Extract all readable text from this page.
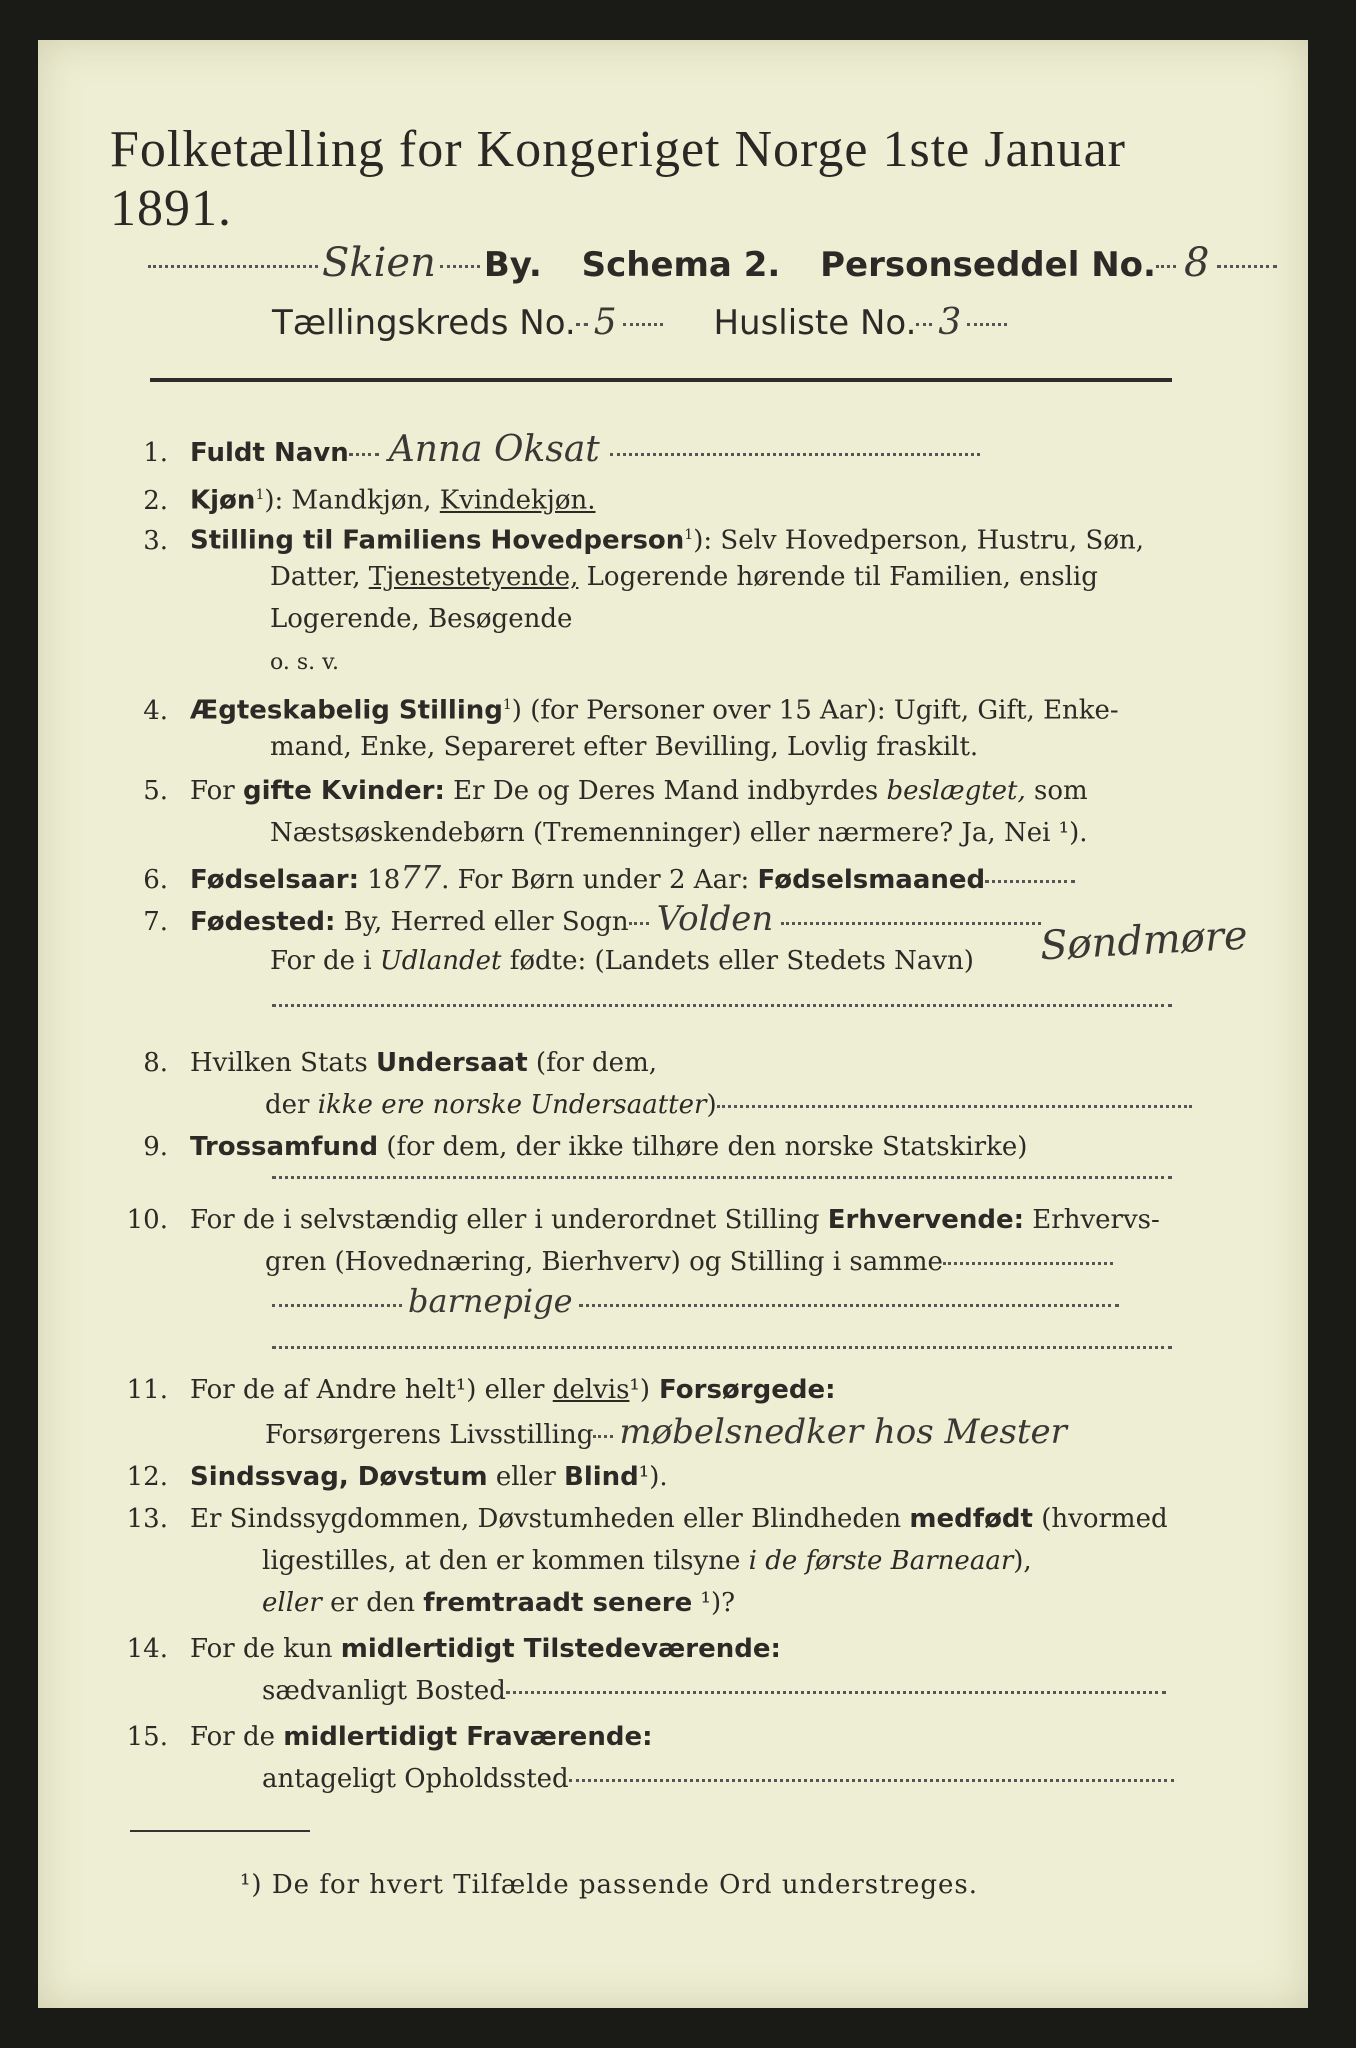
Folketælling for Kongeriget Norge 1ste Januar 1891.
Skien By. Schema 2. Personseddel No. 8
Tællingskreds No. 5	Husliste No. 3
1. Fuldt Navn Anna Oksat
2. Kjøn$^1$): Mandkjøn, Kvindekjøn.
3. Stilling til Familiens Hovedperson$^1$): Selv Hovedperson, Hustru, Søn,
Datter, Tjenestetyende, Logerende hørende til Familien, enslig
Logerende, Besøgende
o. s. v.
4. Ægteskabelig Stilling$^1$) (for Personer over 15 Aar): Ugift, Gift, Enke-
mand, Enke, Separeret efter Bevilling, Lovlig fraskilt.
5. For gifte Kvinder: Er De og Deres Mand indbyrdes beslægtet, som
Næstsøskendebørn (Tremenninger) eller nærmere? Ja, Nei ¹).
6. Fødselsaar: 1877. For Børn under 2 Aar: Fødselsmaaned
7. Fødested: By, Herred eller Sogn Volden
For de i Udlandet fødte: (Landets eller Stedets Navn) Søndmøre
8. Hvilken Stats Undersaat (for dem,
der ikke ere norske Undersaatter)
9. Trossamfund (for dem, der ikke tilhøre den norske Statskirke)
10. For de i selvstændig eller i underordnet Stilling Erhvervende: Erhvervs-
gren (Hovednæring, Bierhverv) og Stilling i samme
barnepige
11. For de af Andre helt¹) eller delvis¹) Forsørgede:
Forsørgerens Livsstilling møbelsnedker hos Mester
12. Sindssvag, Døvstum eller Blind¹).
13. Er Sindssygdommen, Døvstumheden eller Blindheden medfødt (hvormed
ligestilles, at den er kommen tilsyne i de første Barneaar),
eller er den fremtraadt senere ¹)?
14. For de kun midlertidigt Tilstedeværende:
sædvanligt Bosted
15. For de midlertidigt Fraværende:
antageligt Opholdssted
¹) De for hvert Tilfælde passende Ord understreges.
